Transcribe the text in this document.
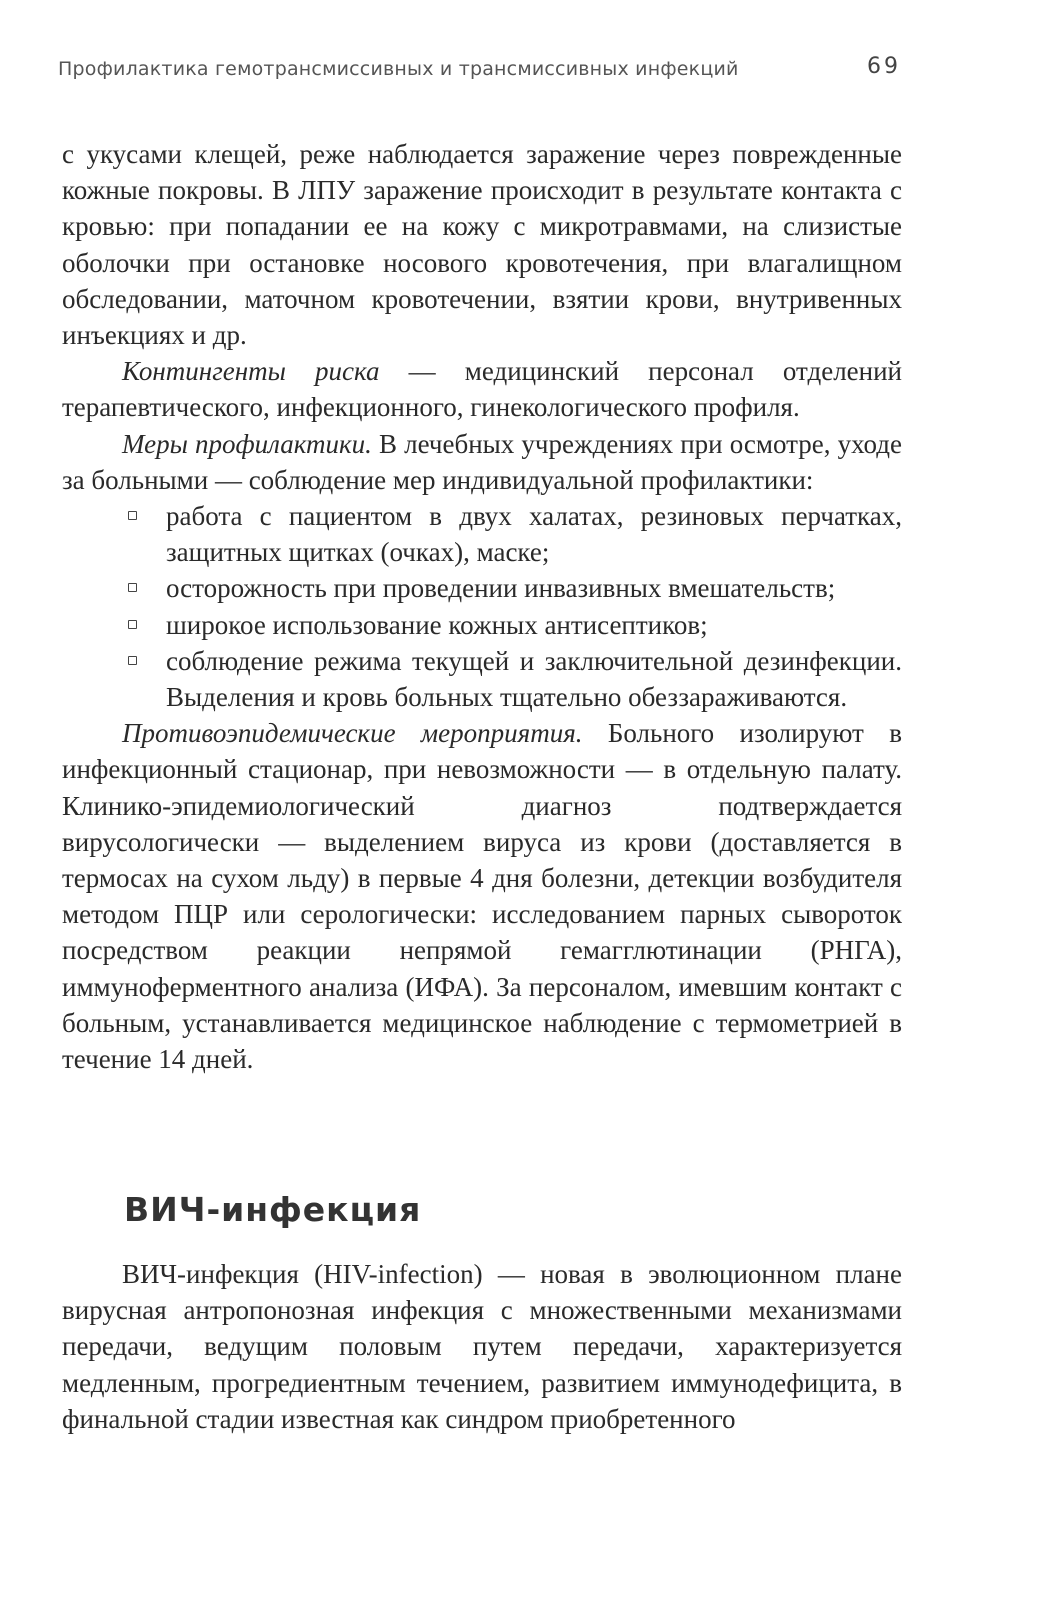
Профилактика гемотрансмиссивных и трансмиссивных инфекций	69

с укусами клещей, реже наблюдается заражение через поврежденные кожные покровы. В ЛПУ заражение происходит в результате контакта с кровью: при попадании ее на кожу с микротравмами, на слизистые оболочки при остановке носового кровотечения, при влагалищном обследовании, маточном кровотечении, взятии крови, внутривенных инъекциях и др.

Контингенты риска — медицинский персонал отделений терапевтического, инфекционного, гинекологического профиля.

Меры профилактики. В лечебных учреждениях при осмотре, уходе за больными — соблюдение мер индивидуальной профилактики:

работа с пациентом в двух халатах, резиновых перчатках, защитных щитках (очках), маске;
осторожность при проведении инвазивных вмешательств;
широкое использование кожных антисептиков;
соблюдение режима текущей и заключительной дезинфекции. Выделения и кровь больных тщательно обеззараживаются.

Противоэпидемические мероприятия. Больного изолируют в инфекционный стационар, при невозможности — в отдельную палату. Клинико-эпидемиологический диагноз подтверждается вирусологически — выделением вируса из крови (доставляется в термосах на сухом льду) в первые 4 дня болезни, детекции возбудителя методом ПЦР или серологически: исследованием парных сывороток посредством реакции непрямой гемагглютинации (РНГА), иммуноферментного анализа (ИФА). За персоналом, имевшим контакт с больным, устанавливается медицинское наблюдение с термометрией в течение 14 дней.

ВИЧ-инфекция

ВИЧ-инфекция (HIV-infection) — новая в эволюционном плане вирусная антропонозная инфекция с множественными механизмами передачи, ведущим половым путем передачи, характеризуется медленным, прогредиентным течением, развитием иммунодефицита, в финальной стадии известная как синдром приобретенного
